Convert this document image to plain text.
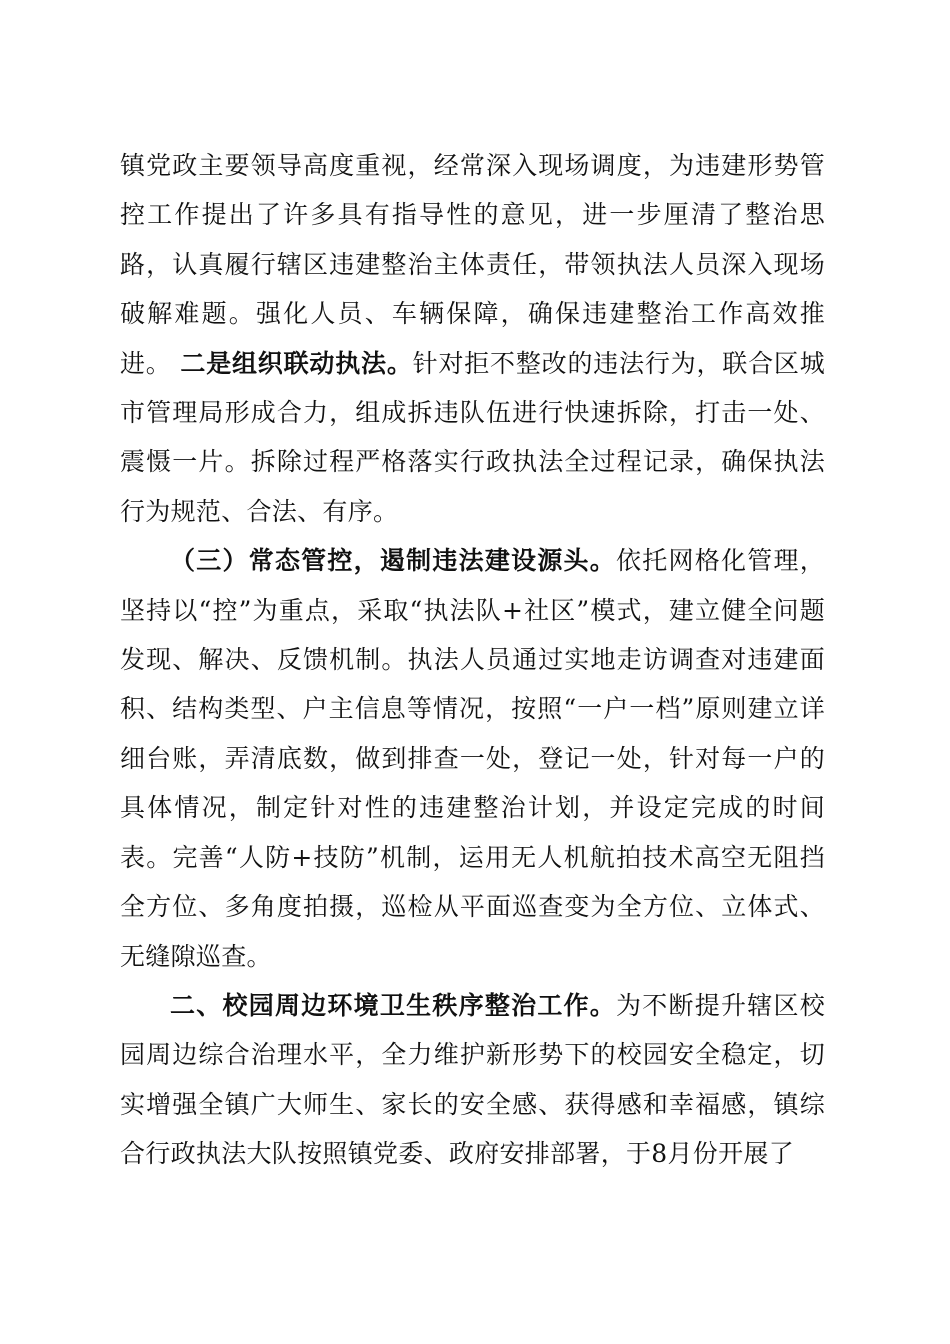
镇党政主要领导高度重视，经常深入现场调度，为违建形势管控工作提出了许多具有指导性的意见，进一步厘清了整治思路，认真履行辖区违建整治主体责任，带领执法人员深入现场破解难题。强化人员、车辆保障，确保违建整治工作高效推进。 二是组织联动执法。针对拒不整改的违法行为，联合区城市管理局形成合力，组成拆违队伍进行快速拆除，打击一处、震慑一片。拆除过程严格落实行政执法全过程记录，确保执法行为规范、合法、有序。

（三）常态管控，遏制违法建设源头。依托网格化管理，坚持以“控”为重点，采取“执法队+社区”模式，建立健全问题发现、解决、反馈机制。执法人员通过实地走访调查对违建面积、结构类型、户主信息等情况，按照“一户一档”原则建立详细台账，弄清底数，做到排查一处，登记一处，针对每一户的具体情况，制定针对性的违建整治计划，并设定完成的时间表。完善“人防+技防”机制，运用无人机航拍技术高空无阻挡全方位、多角度拍摄，巡检从平面巡查变为全方位、立体式、无缝隙巡查。

二、校园周边环境卫生秩序整治工作。为不断提升辖区校园周边综合治理水平，全力维护新形势下的校园安全稳定，切实增强全镇广大师生、家长的安全感、获得感和幸福感，镇综合行政执法大队按照镇党委、政府安排部署，于8月份开展了
